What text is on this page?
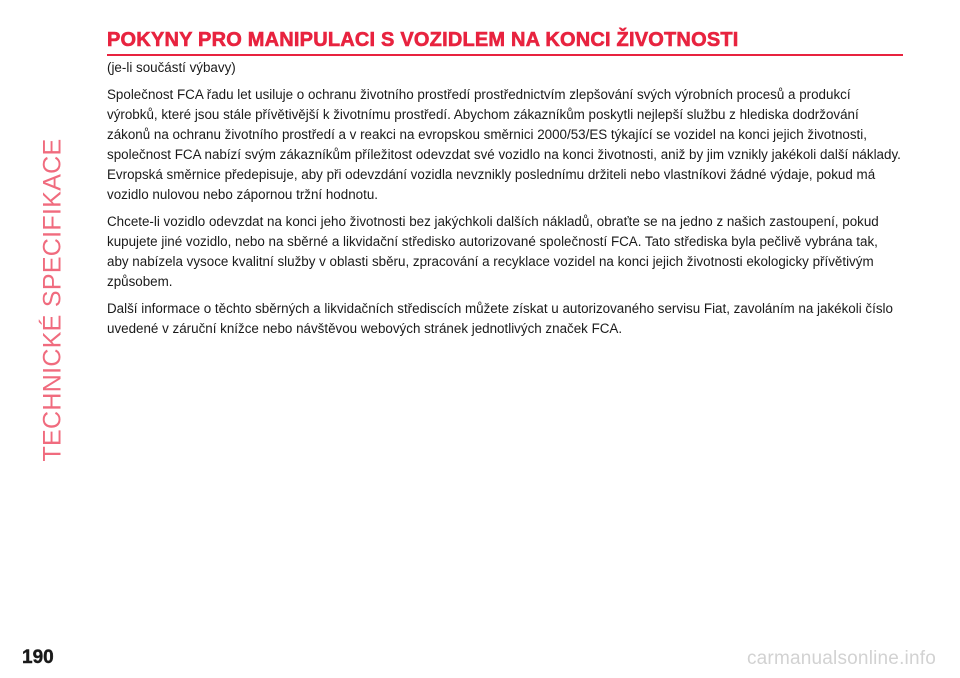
TECHNICKÉ SPECIFIKACE
POKYNY PRO MANIPULACI S VOZIDLEM NA KONCI ŽIVOTNOSTI

(je-li součástí výbavy)

Společnost FCA řadu let usiluje o ochranu životního prostředí prostřednictvím zlepšování svých výrobních procesů a produkcí výrobků, které jsou stále přívětivější k životnímu prostředí. Abychom zákazníkům poskytli nejlepší službu z hlediska dodržování zákonů na ochranu životního prostředí a v reakci na evropskou směrnici 2000/53/ES týkající se vozidel na konci jejich životnosti, společnost FCA nabízí svým zákazníkům příležitost odevzdat své vozidlo na konci životnosti, aniž by jim vznikly jakékoli další náklady. Evropská směrnice předepisuje, aby při odevzdání vozidla nevznikly poslednímu držiteli nebo vlastníkovi žádné výdaje, pokud má vozidlo nulovou nebo zápornou tržní hodnotu.

Chcete-li vozidlo odevzdat na konci jeho životnosti bez jakýchkoli dalších nákladů, obraťte se na jedno z našich zastoupení, pokud kupujete jiné vozidlo, nebo na sběrné a likvidační středisko autorizované společností FCA. Tato střediska byla pečlivě vybrána tak, aby nabízela vysoce kvalitní služby v oblasti sběru, zpracování a recyklace vozidel na konci jejich životnosti ekologicky přívětivým způsobem.

Další informace o těchto sběrných a likvidačních střediscích můžete získat u autorizovaného servisu Fiat, zavoláním na jakékoli číslo uvedené v záruční knížce nebo návštěvou webových stránek jednotlivých značek FCA.

190	carmanualsonline.info
